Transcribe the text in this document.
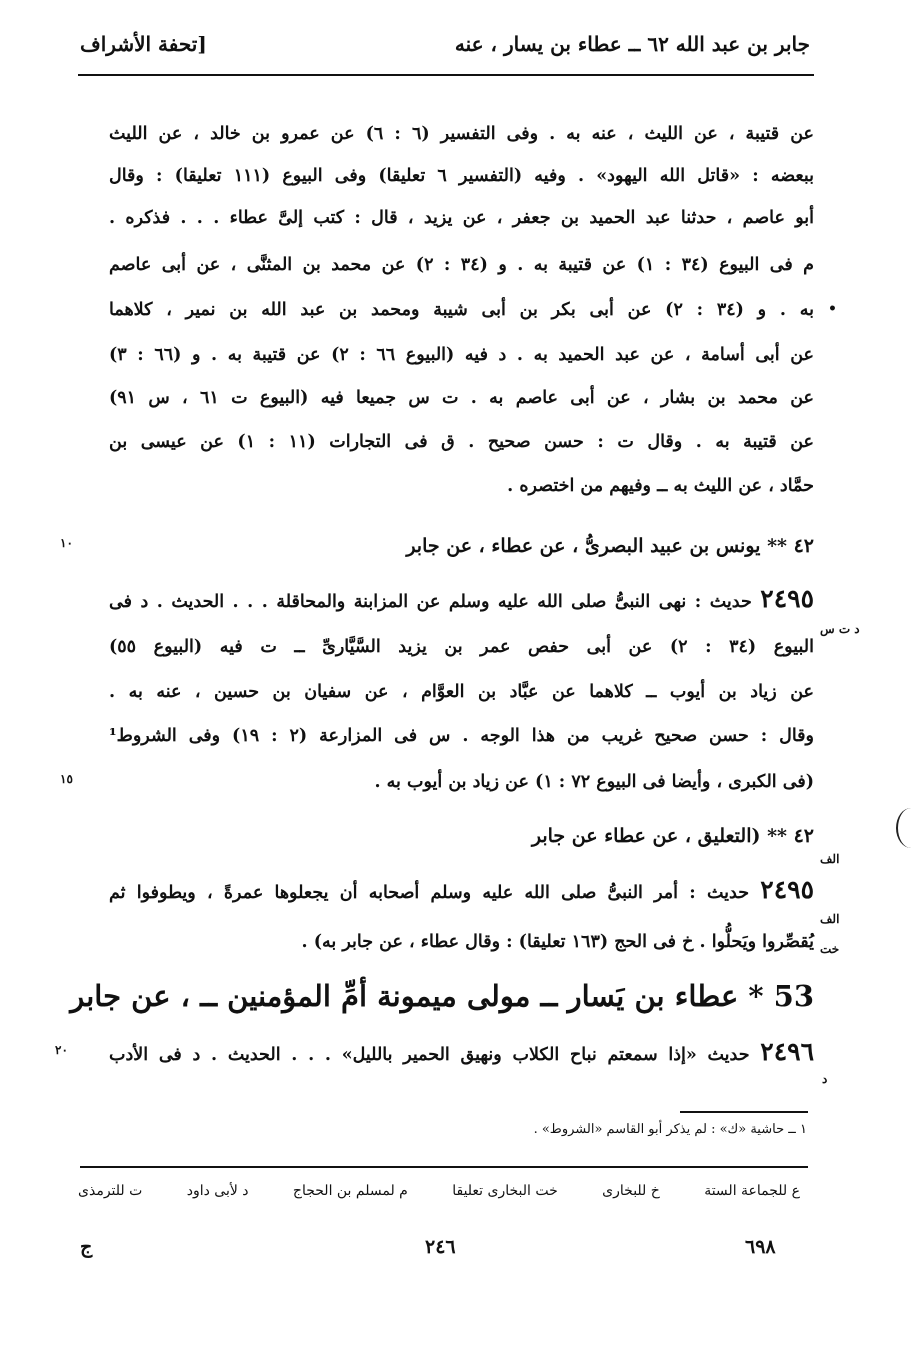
جابر بن عبد الله ٦٢ ــ عطاء بن يسار ، عنه
[تحفة الأشراف
عن قتيبة ، عن الليث ، عنه به . وفى التفسير (٦ : ٦) عن عمرو بن خالد ، عن الليث
ببعضه : «قاتل الله اليهود» . وفيه (التفسير ٦ تعليقا) وفى البيوع (١١١ تعليقا) : وقال
أبو عاصم ، حدثنا عبد الحميد بن جعفر ، عن يزيد ، قال : كتب إلىَّ عطاء . . . فذكره .
م فى البيوع (٣٤ : ١) عن قتيبة به . و (٣٤ : ٢) عن محمد بن المثنَّى ، عن أبى عاصم
به . و (٣٤ : ٢) عن أبى بكر بن أبى شيبة ومحمد بن عبد الله بن نمير ، كلاهما
عن أبى أسامة ، عن عبد الحميد به . د فيه (البيوع ٦٦ : ٢) عن قتيبة به . و (٦٦ : ٣)
عن محمد بن بشار ، عن أبى عاصم به . ت س جميعا فيه (البيوع ت ٦١ ، س ٩١)
عن قتيبة به . وقال ت : حسن صحيح . ق فى التجارات (١١ : ١) عن عيسى بن
حمَّاد ، عن الليث به ــ وفيهم من اختصره .
٤٢ ** يونس بن عبيد البصرىُّ ، عن عطاء ، عن جابر
٢٤٩٥ حديث : نهى النبىُّ صلى الله عليه وسلم عن المزابنة والمحاقلة . . . الحديث . د فى
البيوع (٣٤ : ٢) عن أبى حفص عمر بن يزيد السَّيَّارىِّ ــ ت فيه (البيوع ٥٥)
عن زياد بن أيوب ــ كلاهما عن عبَّاد بن العوَّام ، عن سفيان بن حسين ، عنه به .
وقال : حسن صحيح غريب من هذا الوجه . س فى المزارعة (٢ : ١٩) وفى الشروط¹
(فى الكبرى ، وأيضا فى البيوع ٧٢ : ١) عن زياد بن أيوب به .
٤٢ ** (التعليق ، عن عطاء عن جابر
٢٤٩٥ حديث : أمر النبىُّ صلى الله عليه وسلم أصحابه أن يجعلوها عمرةً ، ويطوفوا ثم
يُقصِّروا ويَحلُّوا . خ فى الحج (١٦٣ تعليقا) : وقال عطاء ، عن جابر به) .
53 * عطاء بن يَسار ــ مولى ميمونة أمِّ المؤمنين ــ ، عن جابر
٢٤٩٦ حديث «إذا سمعتم نباح الكلاب ونهيق الحمير بالليل» . . . الحديث . د فى الأدب
١٠
١٥
٢٠
•
د ت س
الف
الف
خت
د
١ ــ حاشية «ك» : لم يذكر أبو القاسم «الشروط» .
ع للجماعة الستة
خ للبخارى
خت البخارى تعليقا
م لمسلم بن الحجاج
د لأبى داود
ت للترمذى
٦٩٨
٢٤٦
ج
